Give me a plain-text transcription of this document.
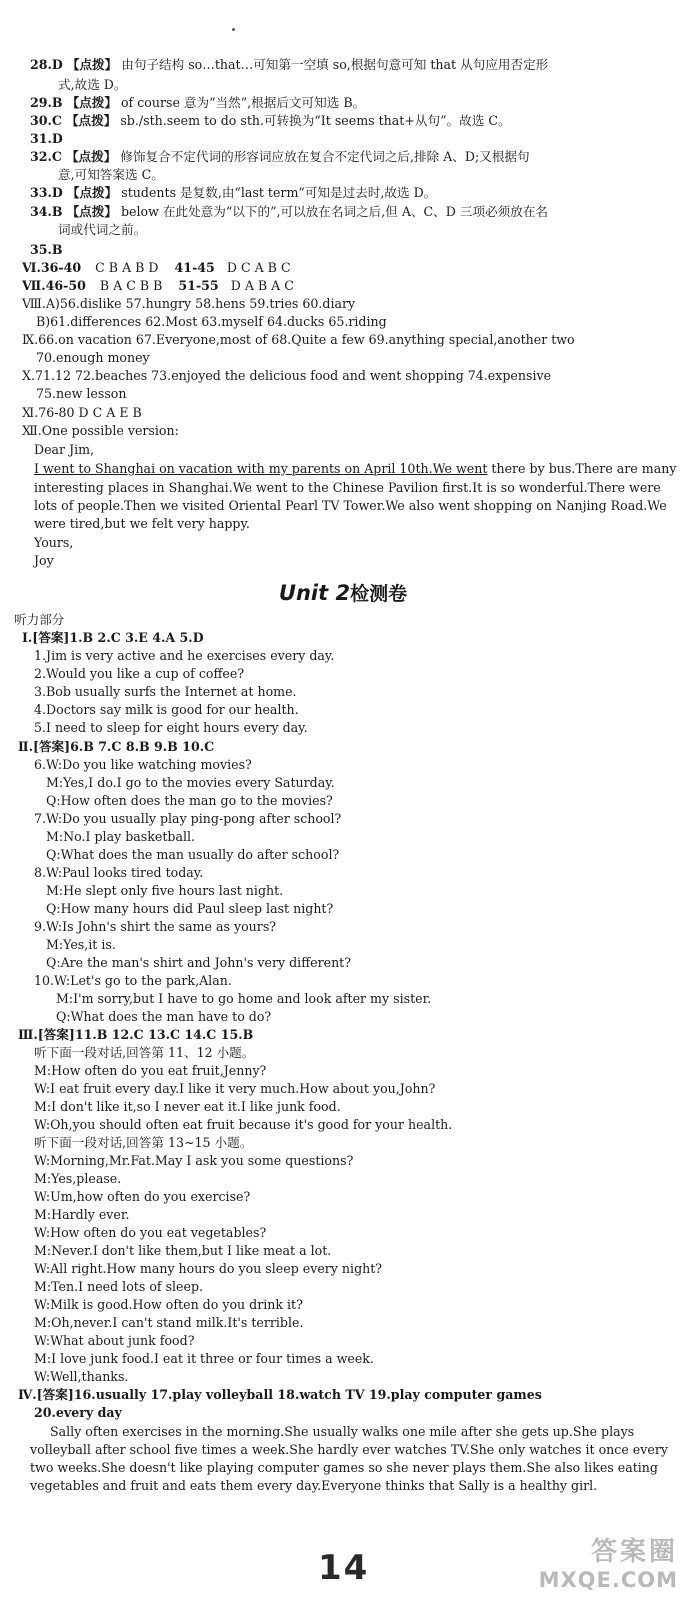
28.D 【点拨】 由句子结构 so…that…可知第一空填 so,根据句意可知 that 从句应用否定形
式,故选 D。
29.B 【点拨】 of course 意为“当然”,根据后文可知选 B。
30.C 【点拨】 sb./sth.seem to do sth.可转换为“It seems that+从句”。故选 C。
31.D
32.C 【点拨】 修饰复合不定代词的形容词应放在复合不定代词之后,排除 A、D;又根据句
意,可知答案选 C。
33.D 【点拨】 students 是复数,由“last term”可知是过去时,故选 D。
34.B 【点拨】 below 在此处意为“以下的”,可以放在名词之后,但 A、C、D 三项必须放在名
词或代词之前。
35.B
Ⅵ.36-40 C B A B D 41-45 D C A B C
Ⅶ.46-50 B A C B B 51-55 D A B A C
Ⅷ.A)56.dislike 57.hungry 58.hens 59.tries 60.diary
B)61.differences 62.Most 63.myself 64.ducks 65.riding
Ⅸ.66.on vacation 67.Everyone,most of 68.Quite a few 69.anything special,another two
70.enough money
Ⅹ.71.12 72.beaches 73.enjoyed the delicious food and went shopping 74.expensive
75.new lesson
Ⅺ.76-80 D C A E B
Ⅻ.One possible version:
Dear Jim,
I went to Shanghai on vacation with my parents on April 10th.We went there by bus.There are many
interesting places in Shanghai.We went to the Chinese Pavilion first.It is so wonderful.There were
lots of people.Then we visited Oriental Pearl TV Tower.We also went shopping on Nanjing Road.We
were tired,but we felt very happy.
Yours,
Joy
Unit 2检测卷
听力部分
Ⅰ.[答案]1.B 2.C 3.E 4.A 5.D
1.Jim is very active and he exercises every day.
2.Would you like a cup of coffee?
3.Bob usually surfs the Internet at home.
4.Doctors say milk is good for our health.
5.I need to sleep for eight hours every day.
Ⅱ.[答案]6.B 7.C 8.B 9.B 10.C
6.W:Do you like watching movies?
M:Yes,I do.I go to the movies every Saturday.
Q:How often does the man go to the movies?
7.W:Do you usually play ping-pong after school?
M:No.I play basketball.
Q:What does the man usually do after school?
8.W:Paul looks tired today.
M:He slept only five hours last night.
Q:How many hours did Paul sleep last night?
9.W:Is John's shirt the same as yours?
M:Yes,it is.
Q:Are the man's shirt and John's very different?
10.W:Let's go to the park,Alan.
M:I'm sorry,but I have to go home and look after my sister.
Q:What does the man have to do?
Ⅲ.[答案]11.B 12.C 13.C 14.C 15.B
听下面一段对话,回答第 11、12 小题。
M:How often do you eat fruit,Jenny?
W:I eat fruit every day.I like it very much.How about you,John?
M:I don't like it,so I never eat it.I like junk food.
W:Oh,you should often eat fruit because it's good for your health.
听下面一段对话,回答第 13~15 小题。
W:Morning,Mr.Fat.May I ask you some questions?
M:Yes,please.
W:Um,how often do you exercise?
M:Hardly ever.
W:How often do you eat vegetables?
M:Never.I don't like them,but I like meat a lot.
W:All right.How many hours do you sleep every night?
M:Ten.I need lots of sleep.
W:Milk is good.How often do you drink it?
M:Oh,never.I can't stand milk.It's terrible.
W:What about junk food?
M:I love junk food.I eat it three or four times a week.
W:Well,thanks.
Ⅳ.[答案]16.usually 17.play volleyball 18.watch TV 19.play computer games
20.every day
Sally often exercises in the morning.She usually walks one mile after she gets up.She plays
volleyball after school five times a week.She hardly ever watches TV.She only watches it once every
two weeks.She doesn't like playing computer games so she never plays them.She also likes eating
vegetables and fruit and eats them every day.Everyone thinks that Sally is a healthy girl.
14	答案圈
MXQE.COM
